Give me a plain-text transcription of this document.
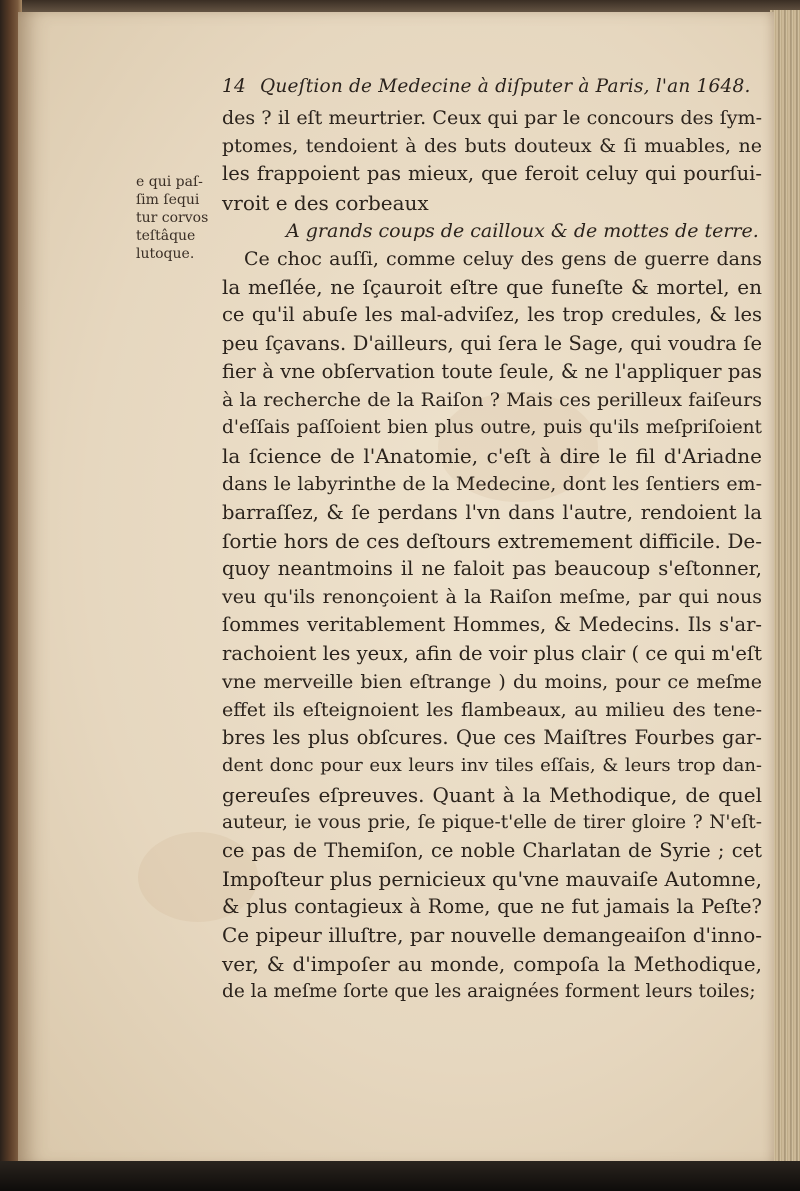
14 Queſtion de Medecine à diſputer à Paris, l'an 1648.
e qui paſ-
ſim ſequi
tur corvos
teſtâque
lutoque.
des ? il eſt meurtrier. Ceux qui par le concours des ſym-
ptomes, tendoient à des buts douteux & ſi muables, ne
les frappoient pas mieux, que feroit celuy qui pourſui-
vroit e des corbeaux
A grands coups de cailloux & de mottes de terre.
Ce choc auſſi, comme celuy des gens de guerre dans
la meſlée, ne ſçauroit eſtre que funeſte & mortel, en
ce qu'il abuſe les mal-adviſez, les trop credules, & les
peu ſçavans. D'ailleurs, qui ſera le Sage, qui voudra ſe
fier à vne obſervation toute ſeule, & ne l'appliquer pas
à la recherche de la Raiſon ? Mais ces perilleux faiſeurs
d'eſſais paſſoient bien plus outre, puis qu'ils meſpriſoient
la ſcience de l'Anatomie, c'eſt à dire le fil d'Ariadne
dans le labyrinthe de la Medecine, dont les ſentiers em-
barraſſez, & ſe perdans l'vn dans l'autre, rendoient la
ſortie hors de ces deſtours extremement difficile. De-
quoy neantmoins il ne faloit pas beaucoup s'eſtonner,
veu qu'ils renonçoient à la Raiſon meſme, par qui nous
ſommes veritablement Hommes, & Medecins. Ils s'ar-
rachoient les yeux, afin de voir plus clair ( ce qui m'eſt
vne merveille bien eſtrange ) du moins, pour ce meſme
effet ils eſteignoient les flambeaux, au milieu des tene-
bres les plus obſcures. Que ces Maiſtres Fourbes gar-
dent donc pour eux leurs inv tiles eſſais, & leurs trop dan-
gereuſes eſpreuves. Quant à la Methodique, de quel
auteur, ie vous prie, ſe pique-t'elle de tirer gloire ? N'eſt-
ce pas de Themiſon, ce noble Charlatan de Syrie ; cet
Impoſteur plus pernicieux qu'vne mauvaiſe Automne,
& plus contagieux à Rome, que ne fut jamais la Peſte?
Ce pipeur illuſtre, par nouvelle demangeaiſon d'inno-
ver, & d'impoſer au monde, compoſa la Methodique,
de la meſme ſorte que les araignées forment leurs toiles;
